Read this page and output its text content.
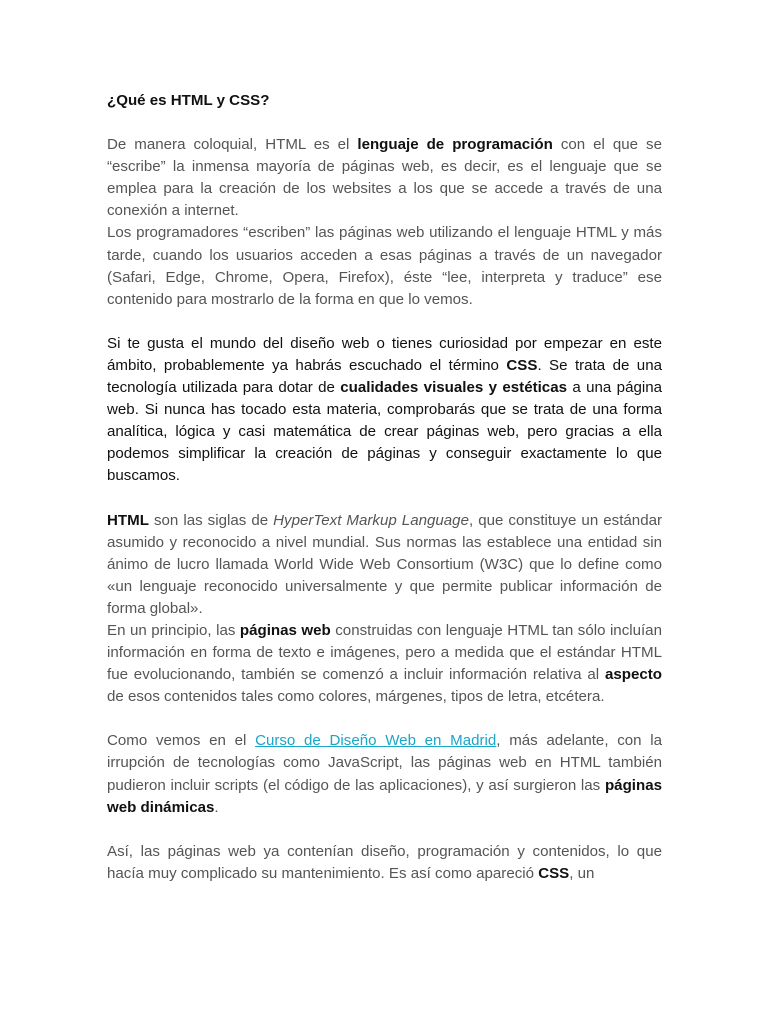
¿Qué es HTML y CSS?

De manera coloquial, HTML es el lenguaje de programación con el que se “escribe” la inmensa mayoría de páginas web, es decir, es el lenguaje que se emplea para la creación de los websites a los que se accede a través de una conexión a internet.

Los programadores “escriben” las páginas web utilizando el lenguaje HTML y más tarde, cuando los usuarios acceden a esas páginas a través de un navegador (Safari, Edge, Chrome, Opera, Firefox), éste “lee, interpreta y traduce” ese contenido para mostrarlo de la forma en que lo vemos.

Si te gusta el mundo del diseño web o tienes curiosidad por empezar en este ámbito, probablemente ya habrás escuchado el término CSS. Se trata de una tecnología utilizada para dotar de cualidades visuales y estéticas a una página web. Si nunca has tocado esta materia, comprobarás que se trata de una forma analítica, lógica y casi matemática de crear páginas web, pero gracias a ella podemos simplificar la creación de páginas y conseguir exactamente lo que buscamos.

HTML son las siglas de HyperText Markup Language, que constituye un estándar asumido y reconocido a nivel mundial. Sus normas las establece una entidad sin ánimo de lucro llamada World Wide Web Consortium (W3C) que lo define como «un lenguaje reconocido universalmente y que permite publicar información de forma global».

En un principio, las páginas web construidas con lenguaje HTML tan sólo incluían información en forma de texto e imágenes, pero a medida que el estándar HTML fue evolucionando, también se comenzó a incluir información relativa al aspecto de esos contenidos tales como colores, márgenes, tipos de letra, etcétera.

Como vemos en el Curso de Diseño Web en Madrid, más adelante, con la irrupción de tecnologías como JavaScript, las páginas web en HTML también pudieron incluir scripts (el código de las aplicaciones), y así surgieron las páginas web dinámicas.

Así, las páginas web ya contenían diseño, programación y contenidos, lo que hacía muy complicado su mantenimiento. Es así como apareció CSS, un
